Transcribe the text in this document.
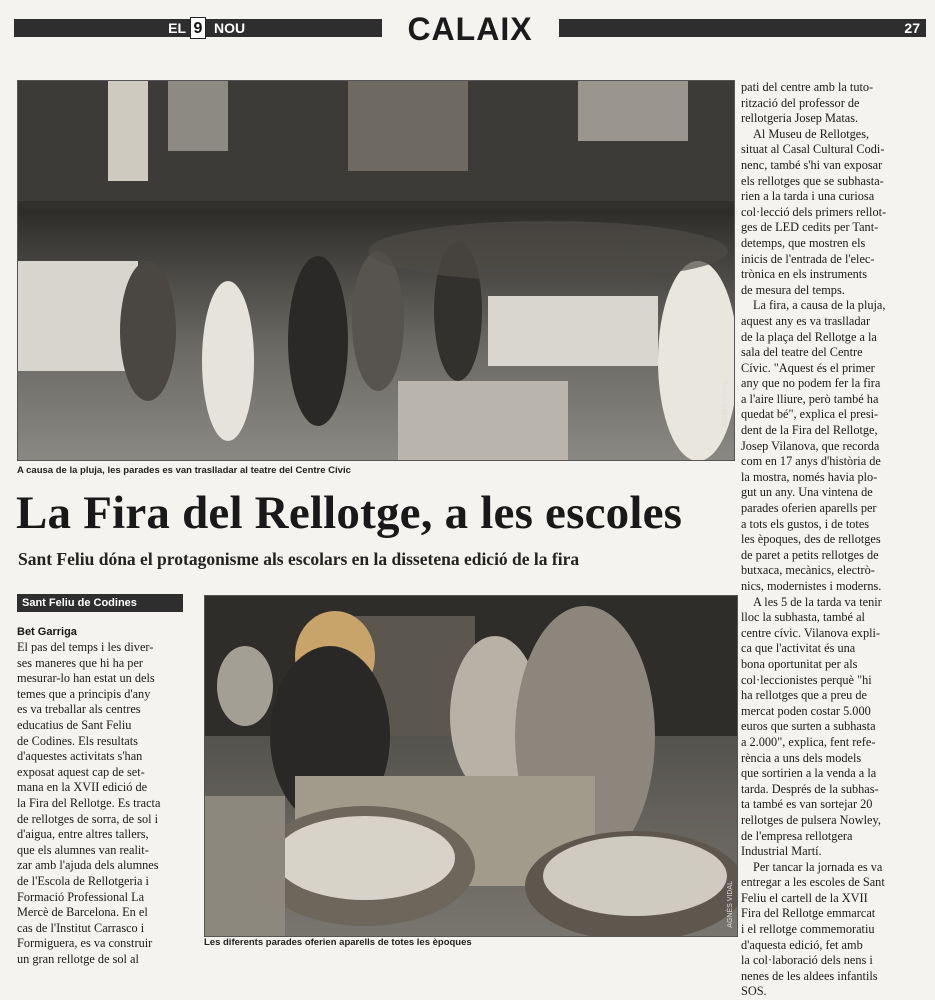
EL 9 NOU	CALAIX	27
AGNÈS VIDAL
A causa de la pluja, les parades es van traslladar al teatre del Centre Cívic
La Fira del Rellotge, a les escoles
Sant Feliu dóna el protagonisme als escolars en la dissetena edició de la fira
Sant Feliu de Codines
Bet Garriga
El pas del temps i les diver-
ses maneres que hi ha per
mesurar-lo han estat un dels
temes que a principis d'any
es va treballar als centres
educatius de Sant Feliu
de Codines. Els resultats
d'aquestes activitats s'han
exposat aquest cap de set-
mana en la XVII edició de
la Fira del Rellotge. Es tracta
de rellotges de sorra, de sol i
d'aigua, entre altres tallers,
que els alumnes van realit-
zar amb l'ajuda dels alumnes
de l'Escola de Rellotgeria i
Formació Professional La
Mercè de Barcelona. En el
cas de l'Institut Carrasco i
Formiguera, es va construir
un gran rellotge de sol al
AGNÈS VIDAL
Les diferents parades oferien aparells de totes les èpoques
pati del centre amb la tuto-
rització del professor de
rellotgeria Josep Matas.
Al Museu de Rellotges,
situat al Casal Cultural Codi-
nenc, també s'hi van exposar
els rellotges que se subhasta-
rien a la tarda i una curiosa
col·lecció dels primers rellot-
ges de LED cedits per Tant-
detemps, que mostren els
inicis de l'entrada de l'elec-
trònica en els instruments
de mesura del temps.
La fira, a causa de la pluja,
aquest any es va traslladar
de la plaça del Rellotge a la
sala del teatre del Centre
Cívic. "Aquest és el primer
any que no podem fer la fira
a l'aire lliure, però també ha
quedat bé", explica el presi-
dent de la Fira del Rellotge,
Josep Vilanova, que recorda
com en 17 anys d'història de
la mostra, només havia plo-
gut un any. Una vintena de
parades oferien aparells per
a tots els gustos, i de totes
les èpoques, des de rellotges
de paret a petits rellotges de
butxaca, mecànics, electrò-
nics, modernistes i moderns.
A les 5 de la tarda va tenir
lloc la subhasta, també al
centre cívic. Vilanova expli-
ca que l'activitat és una
bona oportunitat per als
col·leccionistes perquè "hi
ha rellotges que a preu de
mercat poden costar 5.000
euros que surten a subhasta
a 2.000", explica, fent refe-
rència a uns dels models
que sortirien a la venda a la
tarda. Després de la subhas-
ta també es van sortejar 20
rellotges de pulsera Nowley,
de l'empresa rellotgera
Industrial Martí.
Per tancar la jornada es va
entregar a les escoles de Sant
Feliu el cartell de la XVII
Fira del Rellotge emmarcat
i el rellotge commemoratiu
d'aquesta edició, fet amb
la col·laboració dels nens i
nenes de les aldees infantils
SOS.
